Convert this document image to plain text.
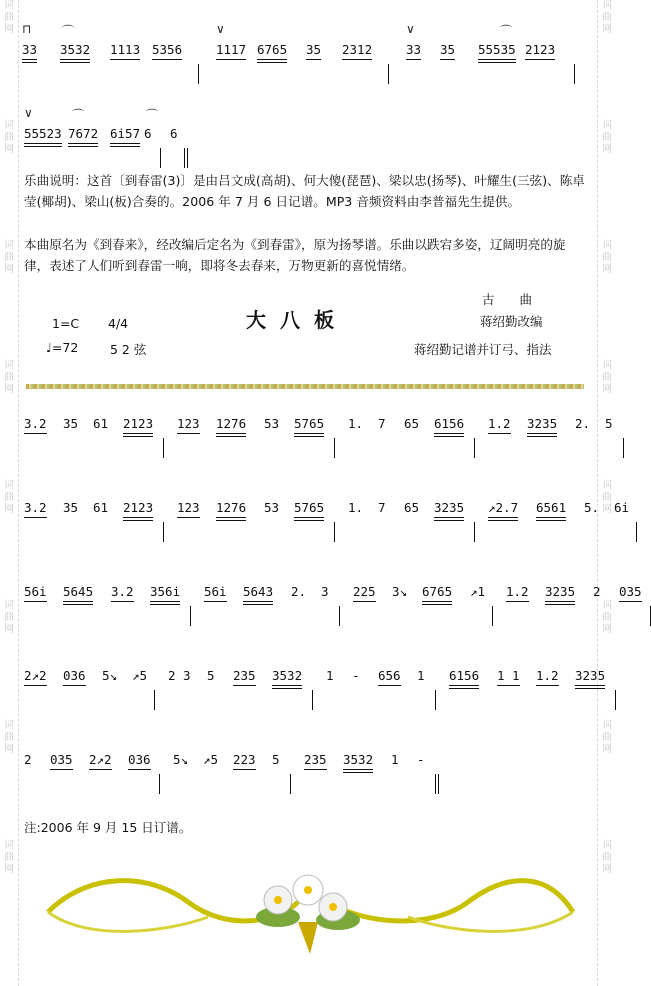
词
曲
网
词
曲
网
词
曲
网
词
曲
网
词
曲
网
词
曲
网
词
曲
网
词
曲
网
词
曲
网
词
曲
网
词
曲
网
词
曲
网
词
曲
网
词
曲
网
词
曲
网
词
曲
网
⊓	⌒	∨	∨	⌒
33 3532 1113 5356	1117 6765 35 2312	33 35 55535 2123
∨	⌒	⌒
55523 7672 6i57 6 6
乐曲说明：这首〔到春雷(3)〕是由吕文成(高胡)、何大傻(琵琶)、梁以忠(扬琴)、叶耀生(三弦)、陈卓莹(椰胡)、梁山(板)合奏的。2006 年 7 月 6 日记谱。MP3 音频资料由李普福先生提供。
本曲原名为《到春来》，经改编后定名为《到春雷》，原为扬琴谱。乐曲以跌宕多姿，辽阔明亮的旋律，表述了人们听到春雷一响，即将冬去春来，万物更新的喜悦情绪。
大八板
古　　曲
蒋绍勤改编
1=C 4/4
♩=72	5 2 弦	蒋绍勤记谱并订弓、指法
3.2 35 61 2123 123 1276 53 5765 1. 7 65 6156 1.2 3235 2. 5
3.2 35 61 2123 123 1276 53 5765 1. 7 65 3235 ↗2.7 6561 5. 6i
56i 5645 3.2 356i 56i 5643 2. 3 225 3↘ 6765 ↗1 1.2 3235 2 035
2↗2 036 5↘ ↗5 2 3 5 235 3532 1 - 656 1 6156 1 1 1.2 3235
2 035 2↗2 036 5↘ ↗5 223 5 235 3532 1 -
注:2006 年 9 月 15 日订谱。
